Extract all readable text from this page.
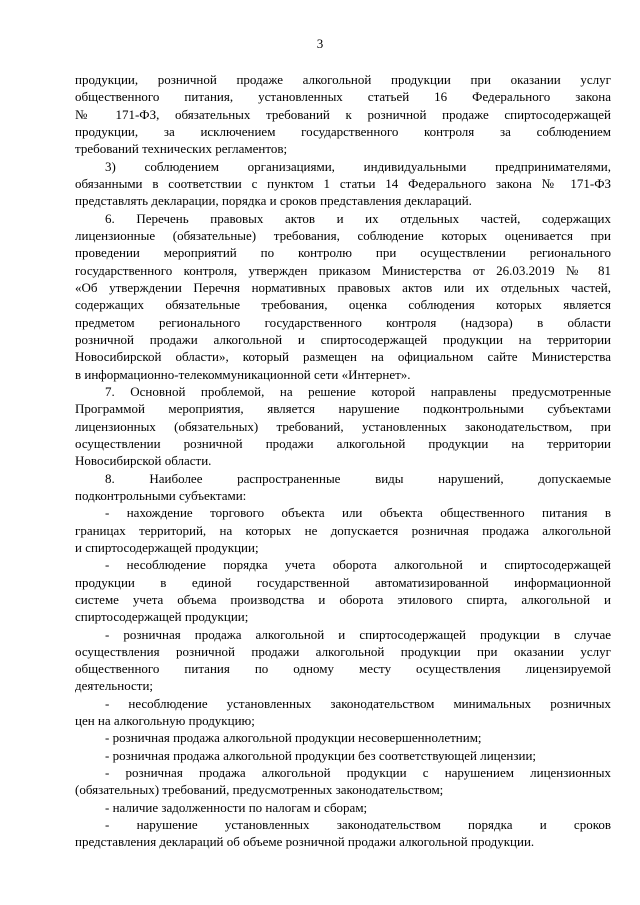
3
продукции, розничной продаже алкогольной продукции при оказании услуг
общественного питания, установленных статьей 16 Федерального закона
№ 171-ФЗ, обязательных требований к розничной продаже спиртосодержащей
продукции, за исключением государственного контроля за соблюдением
требований технических регламентов;
3) соблюдением организациями, индивидуальными предпринимателями,
обязанными в соответствии с пунктом 1 статьи 14 Федерального закона № 171-ФЗ
представлять декларации, порядка и сроков представления деклараций.
6. Перечень правовых актов и их отдельных частей, содержащих
лицензионные (обязательные) требования, соблюдение которых оценивается при
проведении мероприятий по контролю при осуществлении регионального
государственного контроля, утвержден приказом Министерства от 26.03.2019 № 81
«Об утверждении Перечня нормативных правовых актов или их отдельных частей,
содержащих обязательные требования, оценка соблюдения которых является
предметом регионального государственного контроля (надзора) в области
розничной продажи алкогольной и спиртосодержащей продукции на территории
Новосибирской области», который размещен на официальном сайте Министерства
в информационно-телекоммуникационной сети «Интернет».
7. Основной проблемой, на решение которой направлены предусмотренные
Программой мероприятия, является нарушение подконтрольными субъектами
лицензионных (обязательных) требований, установленных законодательством, при
осуществлении розничной продажи алкогольной продукции на территории
Новосибирской области.
8. Наиболее распространенные виды нарушений, допускаемые
подконтрольными субъектами:
- нахождение торгового объекта или объекта общественного питания в
границах территорий, на которых не допускается розничная продажа алкогольной
и спиртосодержащей продукции;
- несоблюдение порядка учета оборота алкогольной и спиртосодержащей
продукции в единой государственной автоматизированной информационной
системе учета объема производства и оборота этилового спирта, алкогольной и
спиртосодержащей продукции;
- розничная продажа алкогольной и спиртосодержащей продукции в случае
осуществления розничной продажи алкогольной продукции при оказании услуг
общественного питания по одному месту осуществления лицензируемой
деятельности;
- несоблюдение установленных законодательством минимальных розничных
цен на алкогольную продукцию;
- розничная продажа алкогольной продукции несовершеннолетним;
- розничная продажа алкогольной продукции без соответствующей лицензии;
- розничная продажа алкогольной продукции с нарушением лицензионных
(обязательных) требований, предусмотренных законодательством;
- наличие задолженности по налогам и сборам;
- нарушение установленных законодательством порядка и сроков
представления деклараций об объеме розничной продажи алкогольной продукции.
